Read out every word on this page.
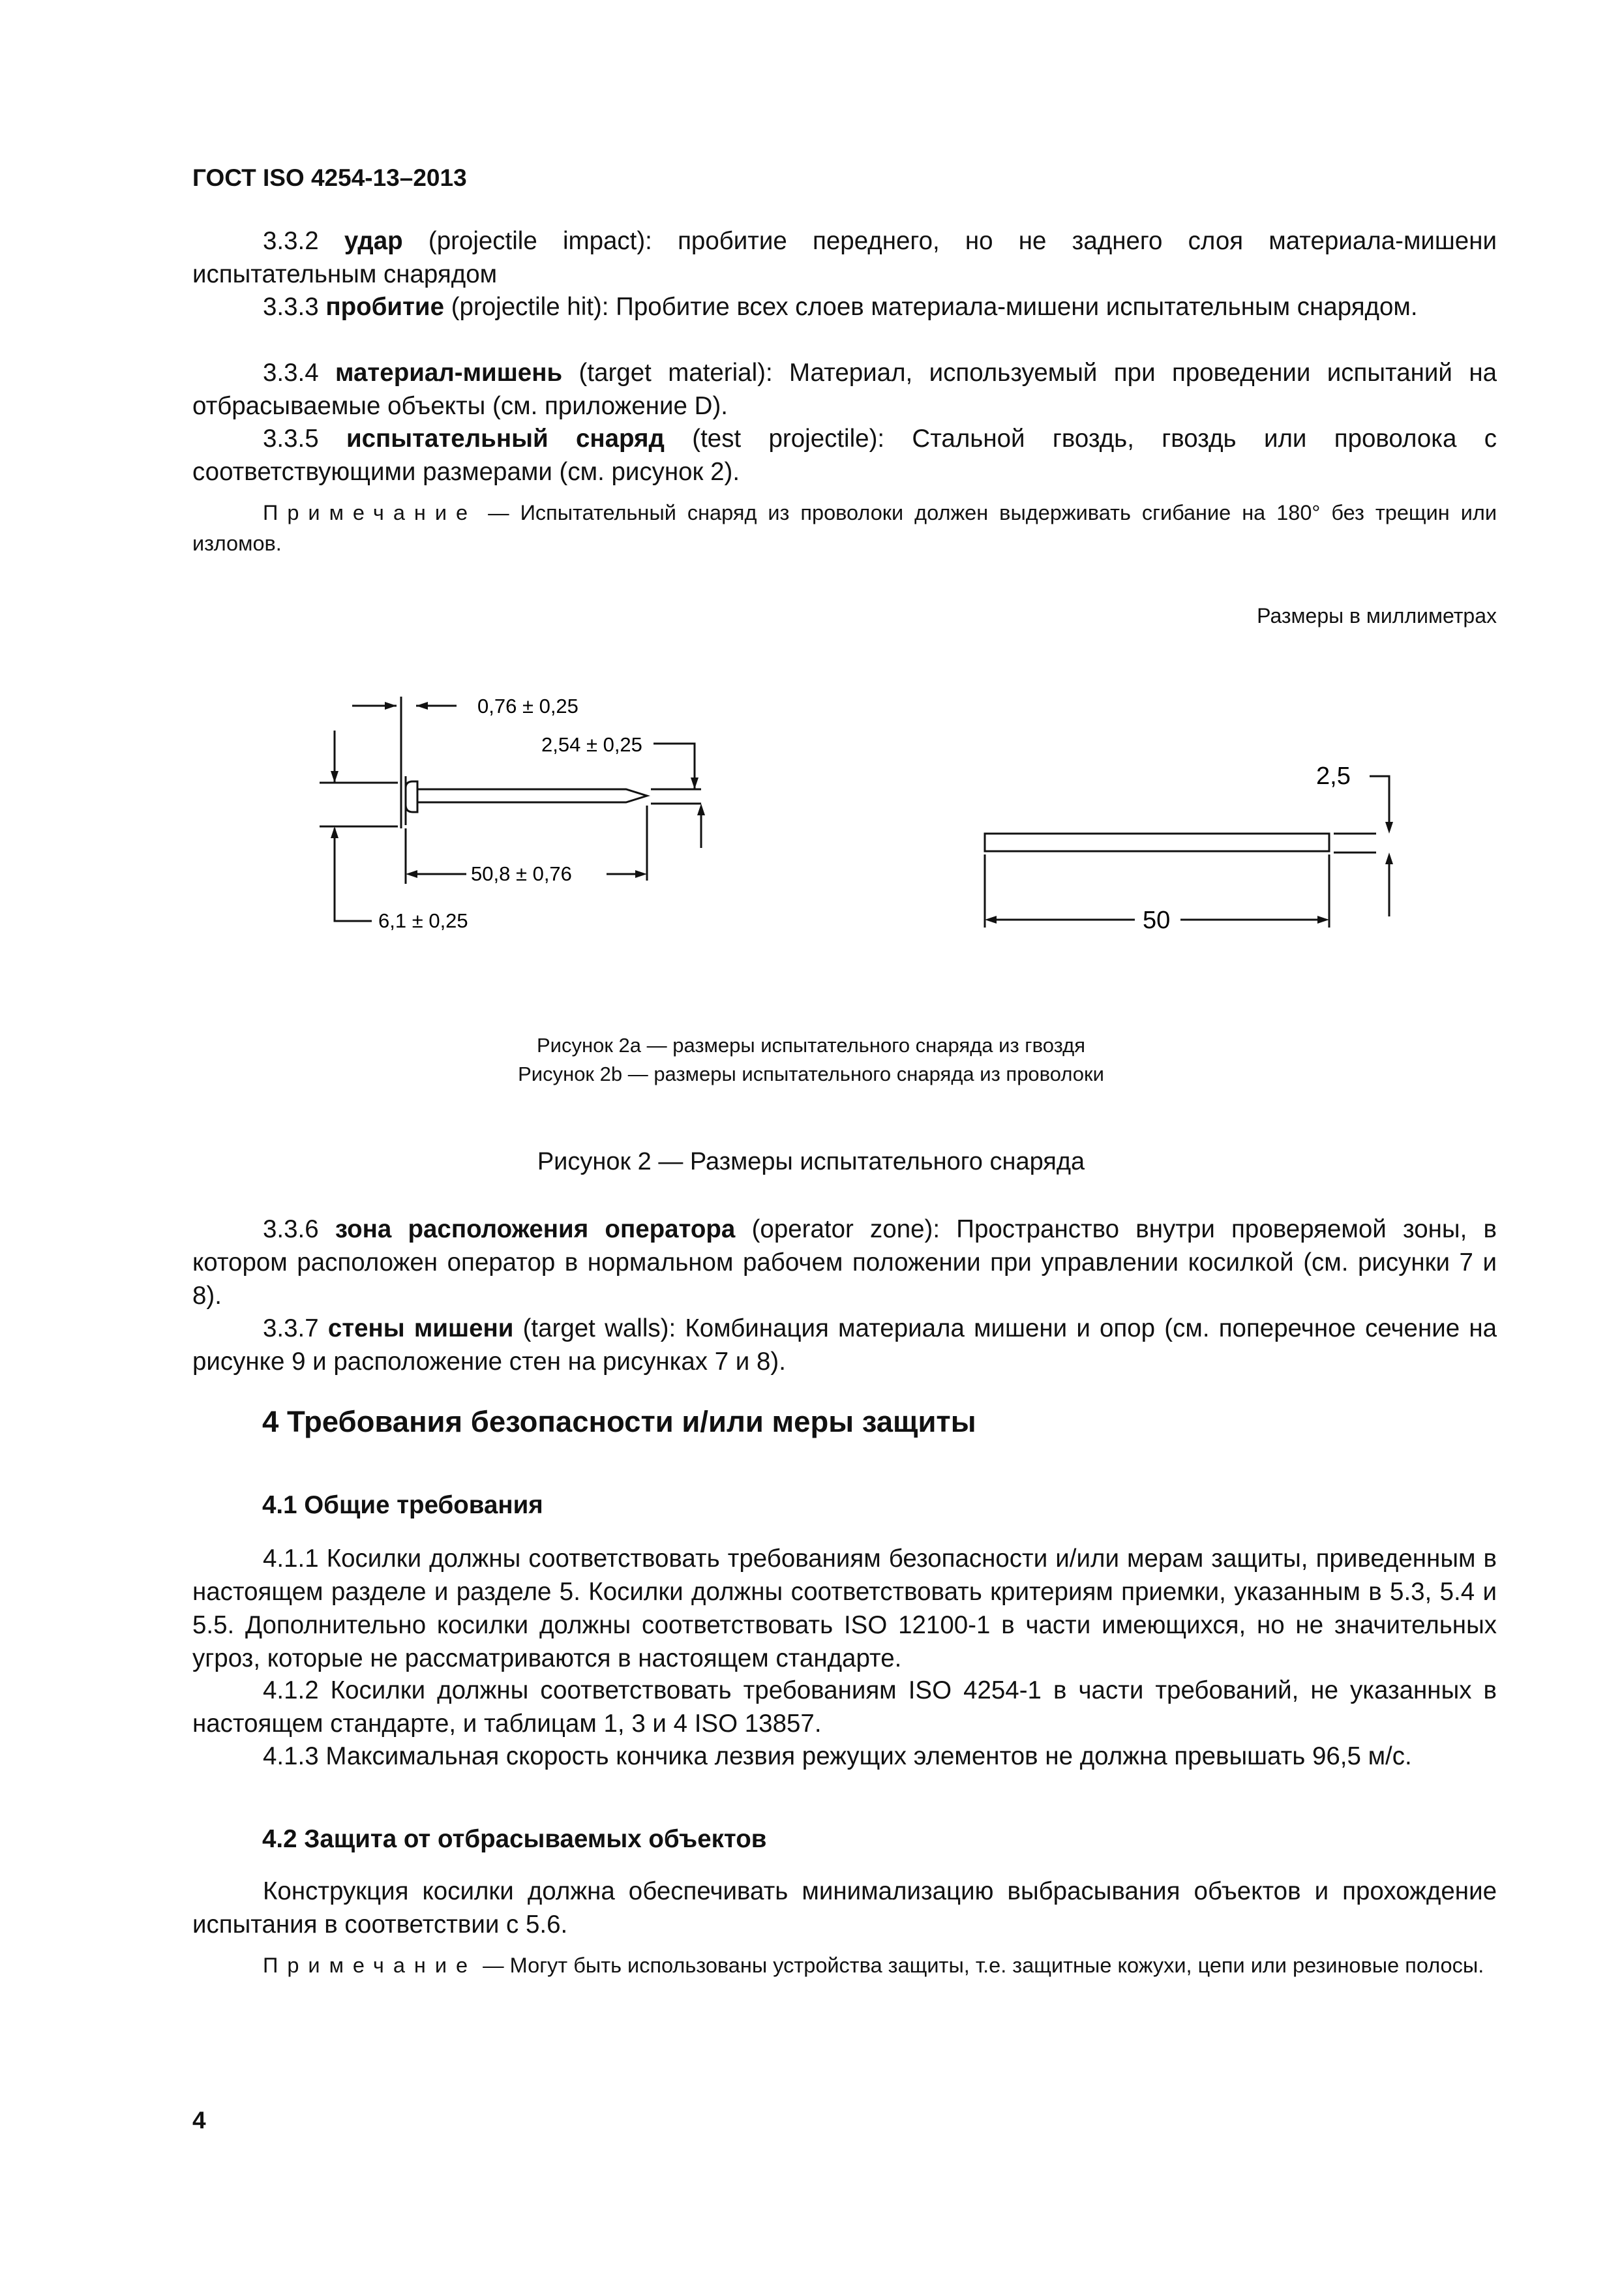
ГОСТ ISO 4254-13–2013
3.3.2 удар (projectile impact): пробитие переднего, но не заднего слоя материала-мишени испытательным снарядом
3.3.3 пробитие (projectile hit): Пробитие всех слоев материала-мишени испытательным снарядом.
3.3.4 материал-мишень (target material): Материал, используемый при проведении испытаний на отбрасываемые объекты (см. приложение D).
3.3.5 испытательный снаряд (test projectile): Стальной гвоздь, гвоздь или проволока с соответствующими размерами (см. рисунок 2).
Примечание — Испытательный снаряд из проволоки должен выдерживать сгибание на 180° без трещин или изломов.
Размеры в миллиметрах
0,76 ± 0,25
2,54 ± 0,25
50,8 ± 0,76
6,1 ± 0,25
2,5
50
Рисунок 2a — размеры испытательного снаряда из гвоздя
Рисунок 2b — размеры испытательного снаряда из проволоки
Рисунок 2 — Размеры испытательного снаряда
3.3.6 зона расположения оператора (operator zone): Пространство внутри проверяемой зоны, в котором расположен оператор в нормальном рабочем положении при управлении косилкой (см. рисунки 7 и 8).
3.3.7 стены мишени (target walls): Комбинация материала мишени и опор (см. поперечное сечение на рисунке 9 и расположение стен на рисунках 7 и 8).
4 Требования безопасности и/или меры защиты
4.1 Общие требования
4.1.1 Косилки должны соответствовать требованиям безопасности и/или мерам защиты, приведенным в настоящем разделе и разделе 5. Косилки должны соответствовать критериям приемки, указанным в 5.3, 5.4 и 5.5. Дополнительно косилки должны соответствовать ISO 12100-1 в части имеющихся, но не значительных угроз, которые не рассматриваются в настоящем стандарте.
4.1.2 Косилки должны соответствовать требованиям ISO 4254-1 в части требований, не указанных в настоящем стандарте, и таблицам 1, 3 и 4 ISO 13857.
4.1.3 Максимальная скорость кончика лезвия режущих элементов не должна превышать 96,5 м/с.
4.2 Защита от отбрасываемых объектов
Конструкция косилки должна обеспечивать минимализацию выбрасывания объектов и прохождение испытания в соответствии с 5.6.
Примечание — Могут быть использованы устройства защиты, т.е. защитные кожухи, цепи или резиновые полосы.
4
